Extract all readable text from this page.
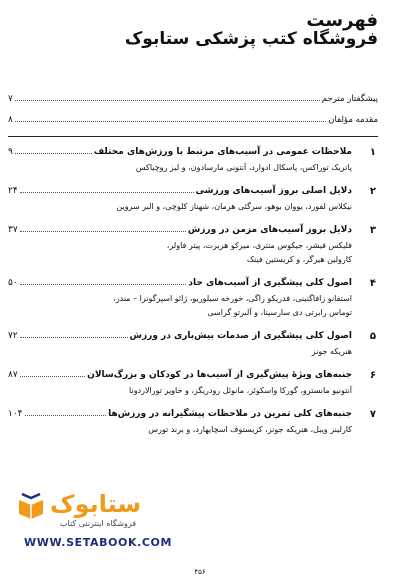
فهرست
فروشگاه کتب پزشکی ستابوک
پیشگفتار مترجم
۷
مقدمه مؤلفان
۸
۱
ملاحظات عمومی در آسیب‌های مرتبط با ورزش‌های مختلف
۹
پاتریک توراکس، پاسکال ادوارد، آنتونی مارسادون، و لیز روچیاکس
۲
دلایل اصلی بروز آسیب‌های ورزشی
۲۴
نیکلاس لفورد، یووان بوهو، سرگئی هرمان، شهناز کلوچی، و البر سروین
۳
دلایل بروز آسیب‌های مزمن در ورزش
۳۷
فلیکس فیشر، جیکوس منتری، میرکو هربرت، پیتر فاولر،
کارولین هیرگر، و کریستین فینک
۴
اصول کلی پیشگیری از آسیب‌های حاد
۵۰
استفانو زافاگنینی، فدریکو راگی، خورخه سیلوریو، ژائو اسپرگوترا – مندز،
توماس رابرتی دی سارسینا، و آلبرتو گراسی
۵
اصول کلی پیشگیری از صدمات بیش‌باری در ورزش
۷۲
هنریکه جونز
۶
جنبه‌های ویژهٔ پیش‌گیری از آسیب‌ها در کودکان و بزرگ‌سالان
۸۷
آنتونیو مانسترو، گورکا واسکوئز، مانوئل رودریگز، و خاویر تورالاردونا
۷
جنبه‌های کلی تمرین در ملاحظات پیشگیرانه در ورزش‌ها
۱۰۴
کارلینز ویبل، هنریکه جونز، کریستوف اسچایهارد، و برند تورس
ستابوک
فروشگاه اینترنتی کتاب
WWW.SETABOOK.COM
۴۵۶
